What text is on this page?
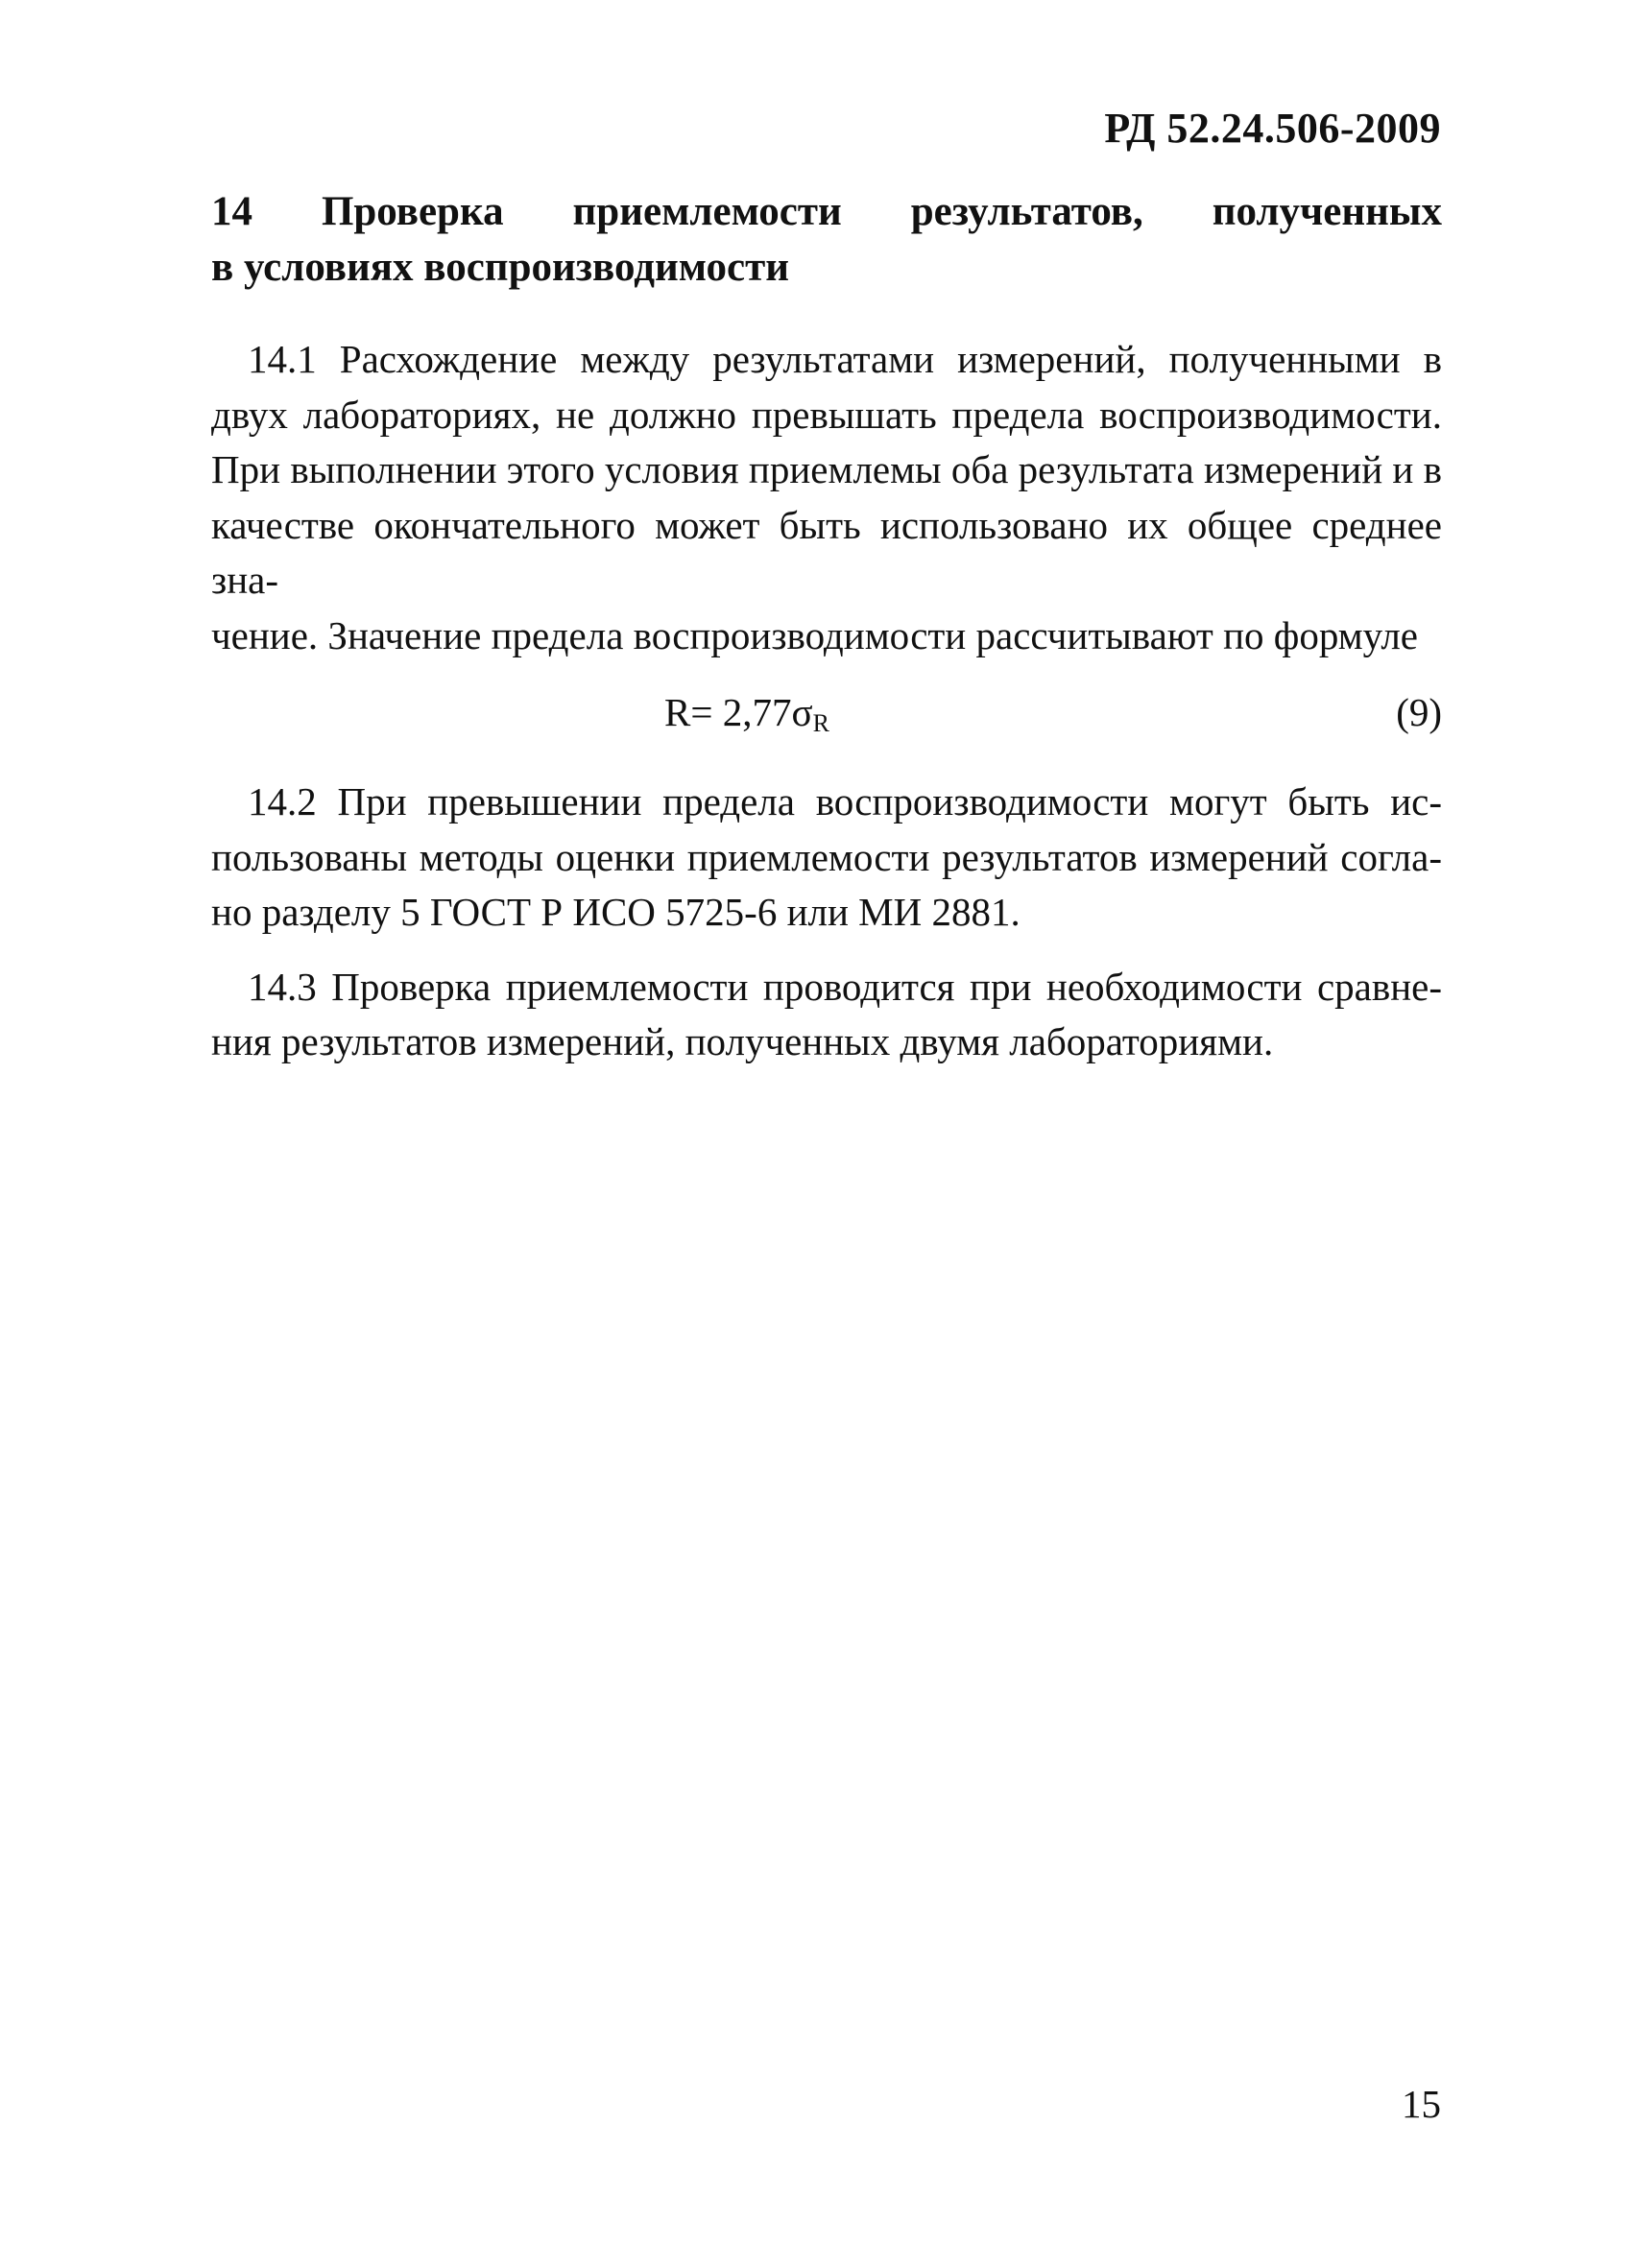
РД 52.24.506-2009
14 Проверка приемлемости результатов, полученных
в условиях воспроизводимости
14.1 Расхождение между результатами измерений, полученными в
двух лабораториях, не должно превышать предела воспроизводимости.
При выполнении этого условия приемлемы оба результата измерений и в
качестве окончательного может быть использовано их общее среднее зна-
чение. Значение предела воспроизводимости рассчитывают по формуле
$R= 2,77\sigma_R$	(9)
14.2 При превышении предела воспроизводимости могут быть ис-
пользованы методы оценки приемлемости результатов измерений согла-
но разделу 5 ГОСТ Р ИСО 5725-6 или МИ 2881.
14.3 Проверка приемлемости проводится при необходимости сравне-
ния результатов измерений, полученных двумя лабораториями.
15
